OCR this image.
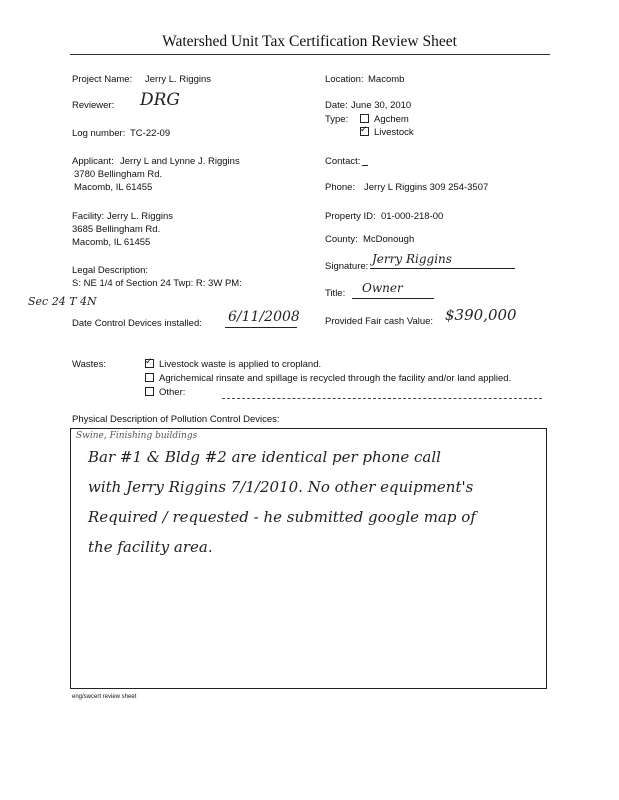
Watershed Unit Tax Certification Review Sheet
Project Name: Jerry L. Riggins
Reviewer: DRG
Log number: TC-22-09
Applicant: Jerry L and Lynne J. Riggins
3780 Bellingham Rd.
Macomb, IL 61455
Facility: Jerry L. Riggins
3685 Bellingham Rd.
Macomb, IL 61455
Legal Description:
S: NE 1/4 of Section 24 Twp: R: 3W PM:
Sec 24 T 4N
Date Control Devices installed: 6/11/2008
Location: Macomb
Date: June 30, 2010
Type:	Agchem
✓Livestock
Contact:
Phone: Jerry L Riggins 309 254-3507
Property ID: 01-000-218-00
County: McDonough
Signature:
Jerry Riggins
Title: Owner
Provided Fair cash Value: $390,000
Wastes:
✓	Livestock waste is applied to cropland.
Agrichemical rinsate and spillage is recycled through the facility and/or land applied.
Other:
Physical Description of Pollution Control Devices:
Swine, Finishing buildings
Bar #1 & Bldg #2 are identical per phone call
with Jerry Riggins 7/1/2010. No other equipment's
Required / requested - he submitted google map of
the facility area.
eng/swcert review sheet
